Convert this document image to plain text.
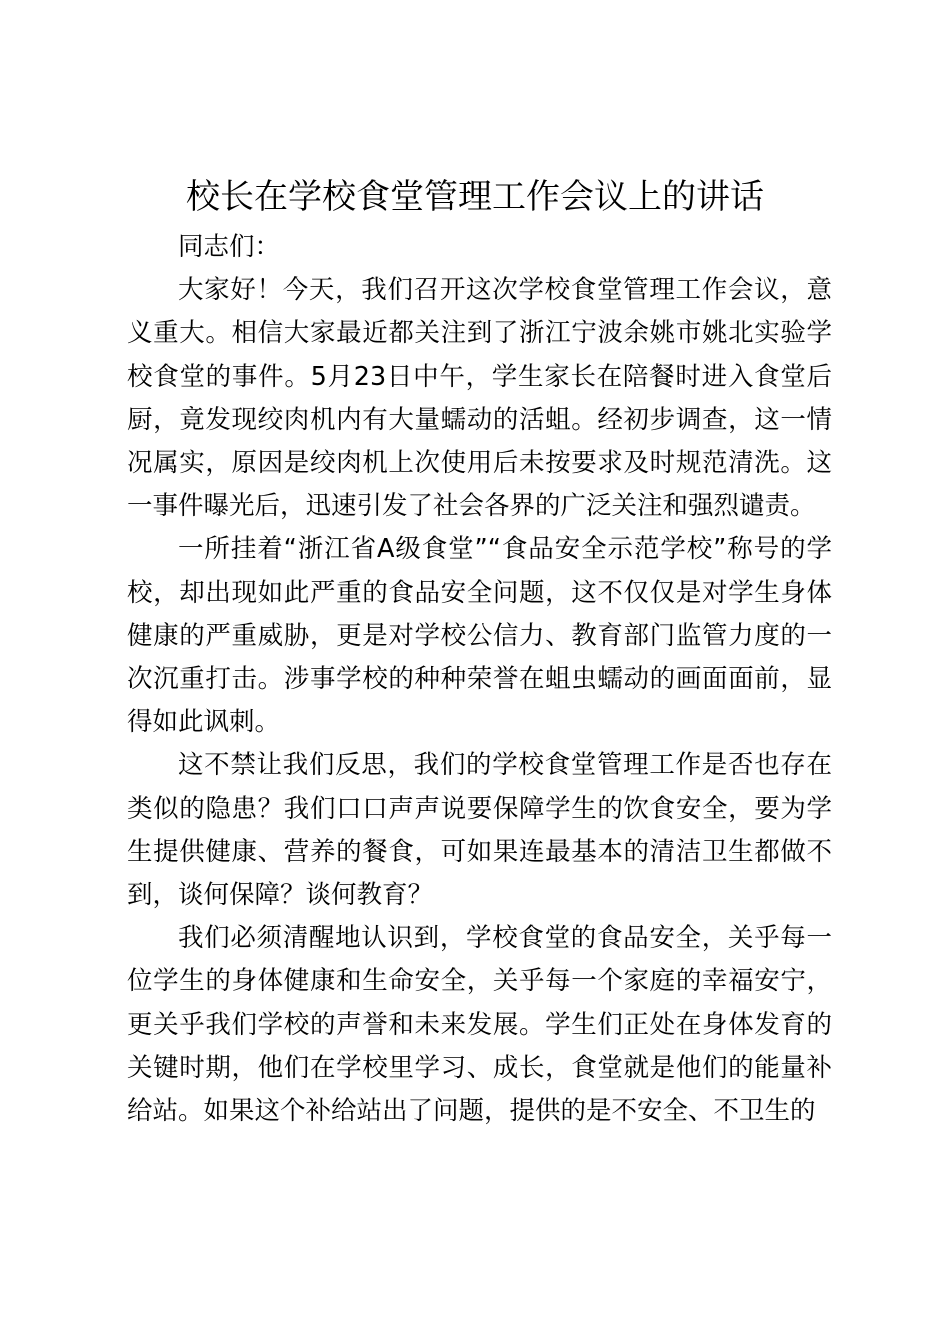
校长在学校食堂管理工作会议上的讲话

同志们：

大家好！今天，我们召开这次学校食堂管理工作会议，意义重大。相信大家最近都关注到了浙江宁波余姚市姚北实验学校食堂的事件。5月23日中午，学生家长在陪餐时进入食堂后厨，竟发现绞肉机内有大量蠕动的活蛆。经初步调查，这一情况属实，原因是绞肉机上次使用后未按要求及时规范清洗。这一事件曝光后，迅速引发了社会各界的广泛关注和强烈谴责。

一所挂着“浙江省A级食堂”“食品安全示范学校”称号的学校，却出现如此严重的食品安全问题，这不仅仅是对学生身体健康的严重威胁，更是对学校公信力、教育部门监管力度的一次沉重打击。涉事学校的种种荣誉在蛆虫蠕动的画面面前，显得如此讽刺。

这不禁让我们反思，我们的学校食堂管理工作是否也存在类似的隐患？我们口口声声说要保障学生的饮食安全，要为学生提供健康、营养的餐食，可如果连最基本的清洁卫生都做不到，谈何保障？谈何教育？

我们必须清醒地认识到，学校食堂的食品安全，关乎每一位学生的身体健康和生命安全，关乎每一个家庭的幸福安宁，更关乎我们学校的声誉和未来发展。学生们正处在身体发育的关键时期，他们在学校里学习、成长，食堂就是他们的能量补给站。如果这个补给站出了问题，提供的是不安全、不卫生的
